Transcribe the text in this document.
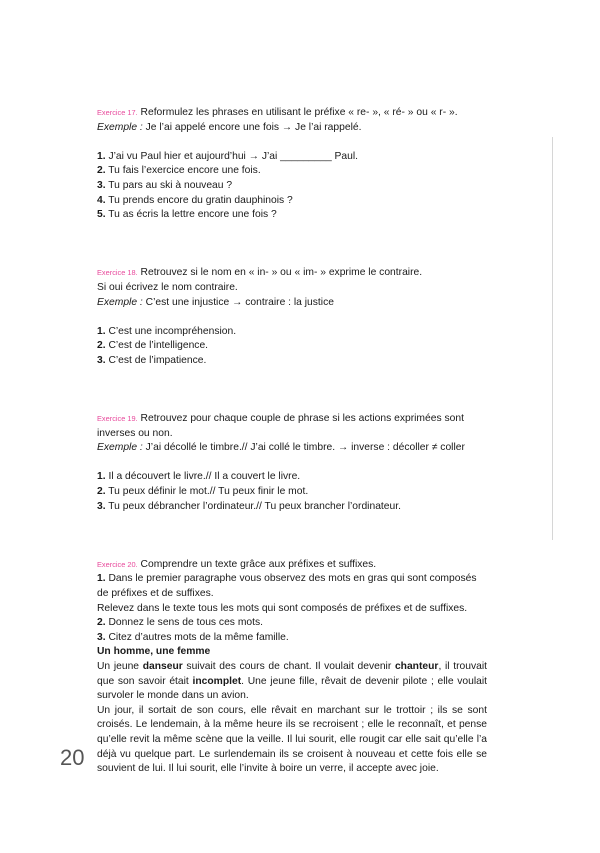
Exercice 17. Reformulez les phrases en utilisant le préfixe « re- », « ré- » ou « r- ».

Exemple : Je l’ai appelé encore une fois → Je l’ai rappelé.

1. J’ai vu Paul hier et aujourd’hui → J’ai _________ Paul.

2. Tu fais l’exercice encore une fois.

3. Tu pars au ski à nouveau ?

4. Tu prends encore du gratin dauphinois ?

5. Tu as écris la lettre encore une fois ?

Exercice 18. Retrouvez si le nom en « in- » ou « im- » exprime le contraire.

Si oui écrivez le nom contraire.

Exemple : C’est une injustice → contraire : la justice

1. C’est une incompréhension.

2. C’est de l’intelligence.

3. C’est de l’impatience.

Exercice 19. Retrouvez pour chaque couple de phrase si les actions exprimées sont inverses ou non.

Exemple : J’ai décollé le timbre.// J’ai collé le timbre. → inverse : décoller ≠ coller

1. Il a découvert le livre.// Il a couvert le livre.

2. Tu peux définir le mot.// Tu peux finir le mot.

3. Tu peux débrancher l’ordinateur.// Tu peux brancher l’ordinateur.

Exercice 20. Comprendre un texte grâce aux préfixes et suffixes.

1. Dans le premier paragraphe vous observez des mots en gras qui sont composés de préfixes et de suffixes.

Relevez dans le texte tous les mots qui sont composés de préfixes et de suffixes.

2. Donnez le sens de tous ces mots.

3. Citez d’autres mots de la même famille.

Un homme, une femme

Un jeune danseur suivait des cours de chant. Il voulait devenir chanteur, il trouvait que son savoir était incomplet. Une jeune fille, rêvait de devenir pilote ; elle voulait survoler le monde dans un avion.

Un jour, il sortait de son cours, elle rêvait en marchant sur le trottoir ; ils se sont croisés. Le lendemain, à la même heure ils se recroisent ; elle le reconnaît, et pense qu’elle revit la même scène que la veille. Il lui sourit, elle rougit car elle sait qu’elle l’a déjà vu quelque part. Le surlendemain ils se croisent à nouveau et cette fois elle se souvient de lui. Il lui sourit, elle l’invite à boire un verre, il accepte avec joie.

20
